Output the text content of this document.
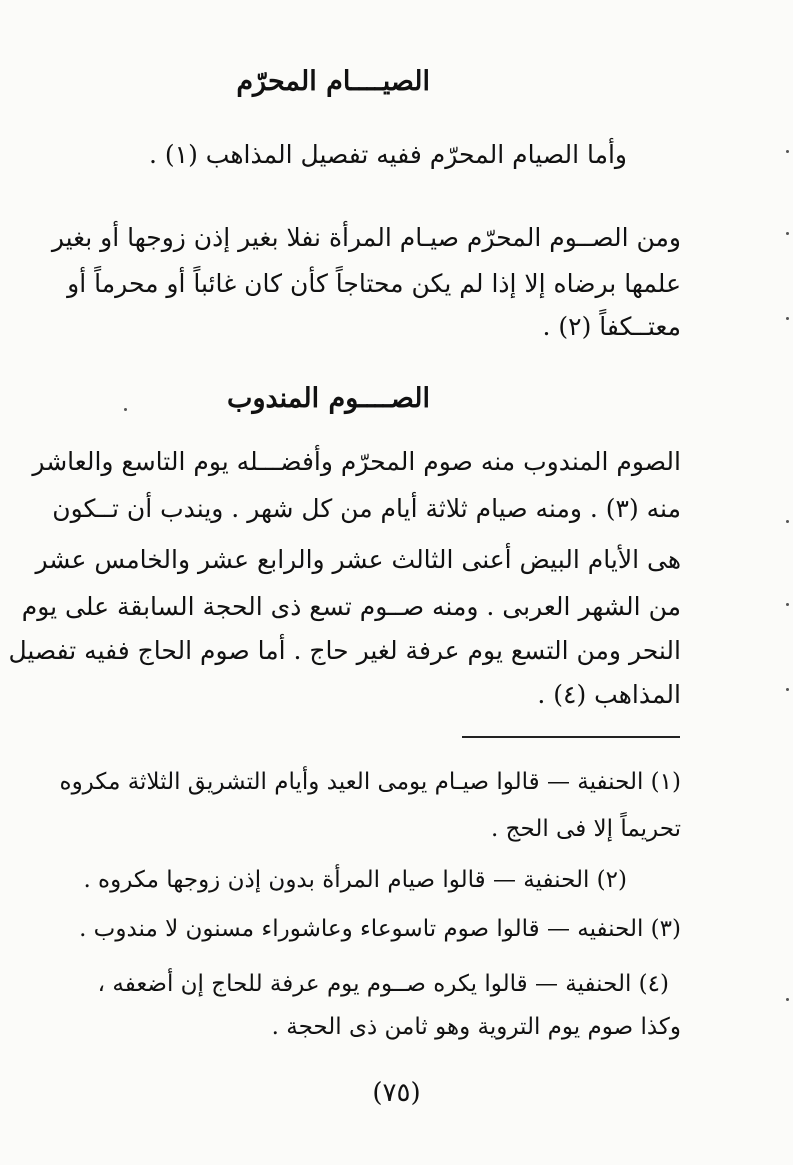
الصيــــام المحرّم
وأما الصيام المحرّم ففيه تفصيل المذاهب (١) .
ومن الصــوم المحرّم صيـام المرأة نفلا بغير إذن زوجها أو بغير
علمها برضاه إلا إذا لم يكن محتاجاً كأن كان غائباً أو محرماً أو
معتــكفاً (٢) .
الصــــوم المندوب
الصوم المندوب منه صوم المحرّم وأفضـــله يوم التاسع والعاشر
منه (٣) . ومنه صيام ثلاثة أيام من كل شهر . ويندب أن تــكون
هى الأيام البيض أعنى الثالث عشر والرابع عشر والخامس عشر
من الشهر العربى . ومنه صــوم تسع ذى الحجة السابقة على يوم
النحر ومن التسع يوم عرفة لغير حاج . أما صوم الحاج ففيه تفصيل
المذاهب (٤) .
(١) الحنفية — قالوا صيـام يومى العيد وأيام التشريق الثلاثة مكروه
تحريماً إلا فى الحج .
(٢) الحنفية — قالوا صيام المرأة بدون إذن زوجها مكروه .
(٣) الحنفيه — قالوا صوم تاسوعاء وعاشوراء مسنون لا مندوب .
(٤) الحنفية — قالوا يكره صــوم يوم عرفة للحاج إن أضعفه ،
وكذا صوم يوم التروية وهو ثامن ذى الحجة .
(٧٥)
